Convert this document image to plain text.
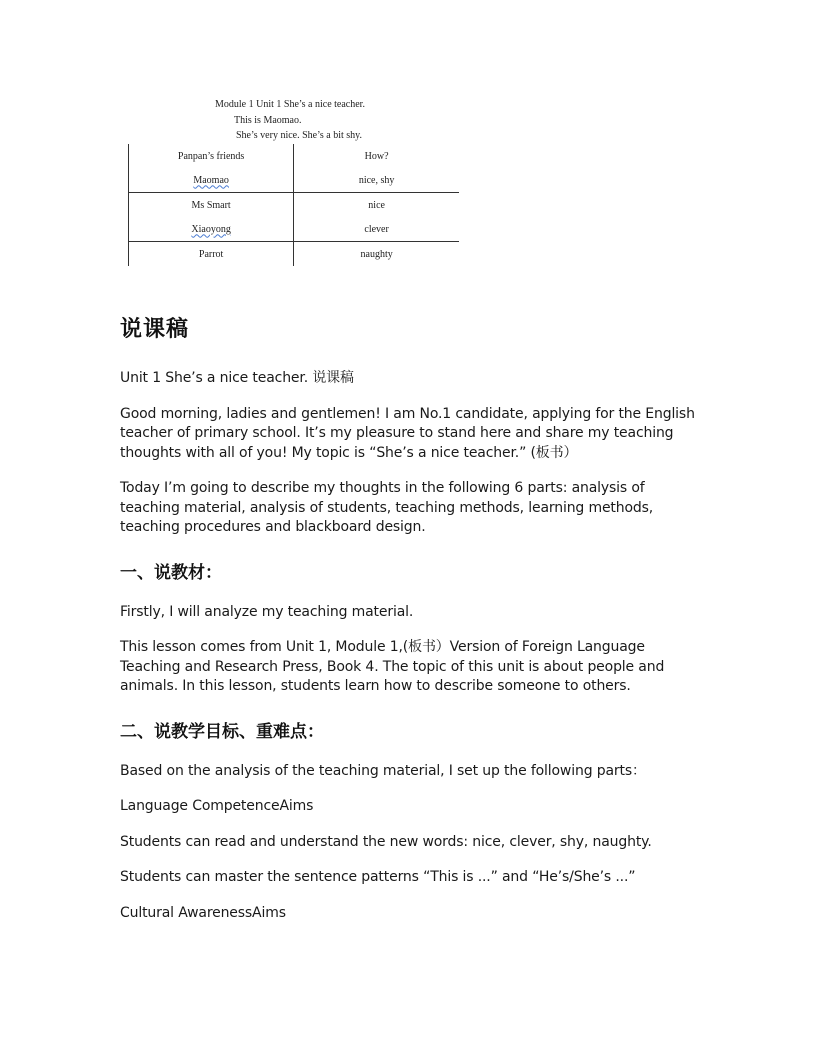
Module 1 Unit 1 She’s a nice teacher.
This is Maomao.
She’s very nice. She’s a bit shy.
Panpan’s friends	How?
Maomao	nice, shy
Ms Smart	nice
Xiaoyong	clever
Parrot	naughty
说课稿

Unit 1 She’s a nice teacher. 说课稿

Good morning, ladies and gentlemen! I am No.1 candidate, applying for the English teacher of primary school. It’s my pleasure to stand here and share my teaching thoughts with all of you! My topic is “She’s a nice teacher.” (板书）

Today I’m going to describe my thoughts in the following 6 parts: analysis of teaching material, analysis of students, teaching methods, learning methods, teaching procedures and blackboard design.

一、说教材：

Firstly, I will analyze my teaching material.

This lesson comes from Unit 1, Module 1,(板书）Version of Foreign Language Teaching and Research Press, Book 4. The topic of this unit is about people and animals. In this lesson, students learn how to describe someone to others.

二、说教学目标、重难点：

Based on the analysis of the teaching material, I set up the following parts：

Language CompetenceAims

Students can read and understand the new words: nice, clever, shy, naughty.

Students can master the sentence patterns “This is ...” and “He’s/She’s ...”

Cultural AwarenessAims
